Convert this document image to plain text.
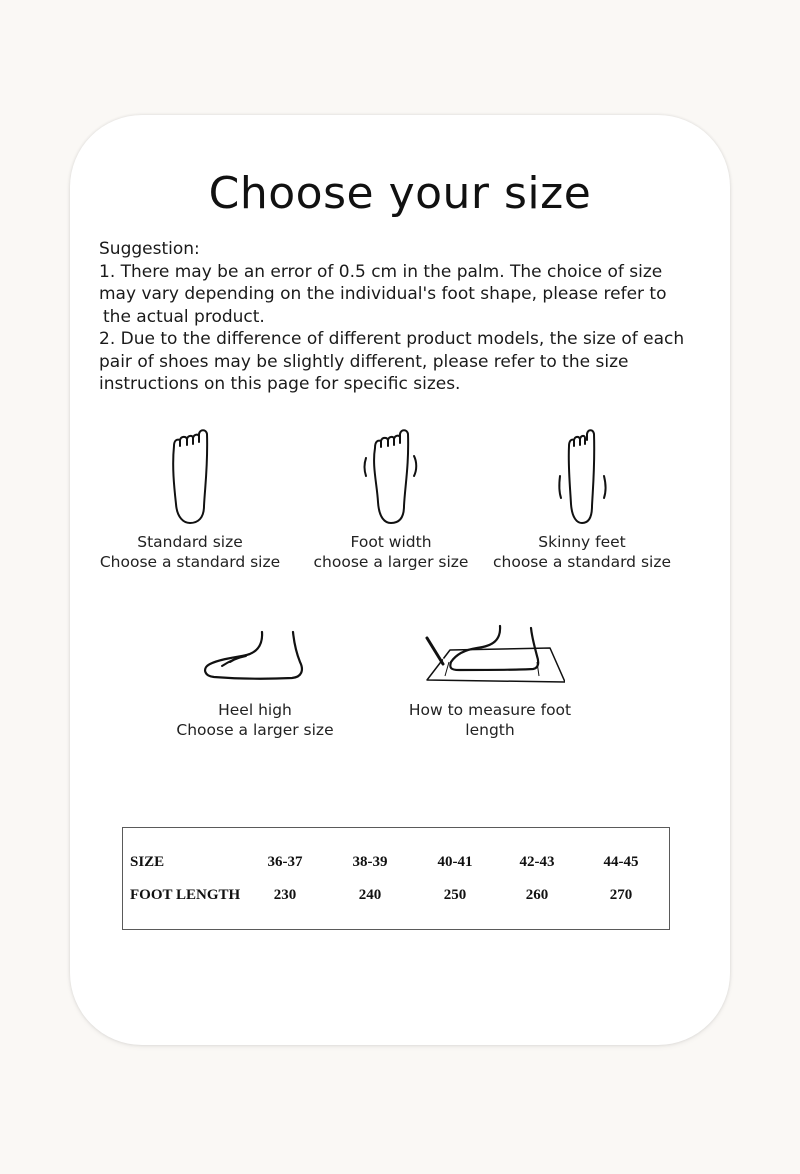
Choose your size

Suggestion:

1. There may be an error of 0.5 cm in the palm. The choice of size

may vary depending on the individual's foot shape, please refer to

the actual product.

2. Due to the difference of different product models, the size of each

pair of shoes may be slightly different, please refer to the size

instructions on this page for specific sizes.

Standard size
Choose a standard size
Foot width
choose a larger size
Skinny feet
choose a standard size
Heel high
Choose a larger size
How to measure foot
length
SIZE	36-37	38-39	40-41	42-43	44-45
FOOT LENGTH	230	240	250	260	270
